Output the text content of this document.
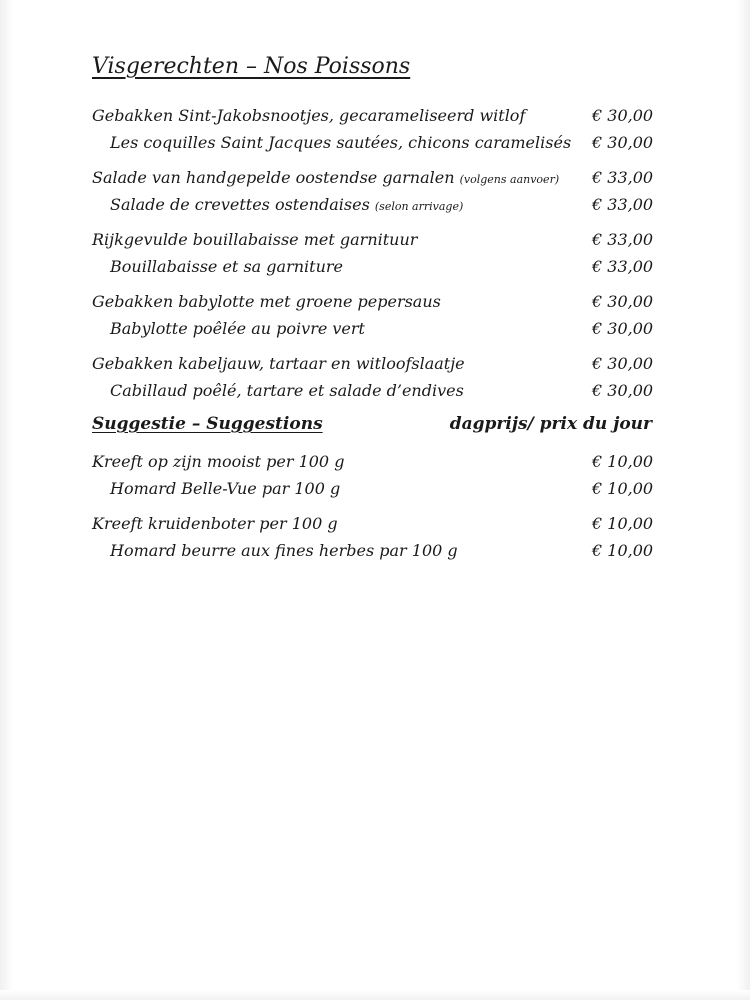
Visgerechten – Nos Poissons
Gebakken Sint-Jakobsnootjes, gecarameliseerd witlof	€ 30,00
Les coquilles Saint Jacques sautées, chicons caramelisés € 30,00
Salade van handgepelde oostendse garnalen (volgens aanvoer) € 33,00
Salade de crevettes ostendaises (selon arrivage)	€ 33,00
Rijkgevulde bouillabaisse met garnituur	€ 33,00
Bouillabaisse et sa garniture	€ 33,00
Gebakken babylotte met groene pepersaus	€ 30,00
Babylotte poêlée au poivre vert	€ 30,00
Gebakken kabeljauw, tartaar en witloofslaatje	€ 30,00
Cabillaud poêlé, tartare et salade d’endives	€ 30,00
Suggestie – Suggestions	dagprijs/ prix du jour
Kreeft op zijn mooist per 100 g	€ 10,00
Homard Belle-Vue par 100 g	€ 10,00
Kreeft kruidenboter per 100 g	€ 10,00
Homard beurre aux fines herbes par 100 g	€ 10,00
